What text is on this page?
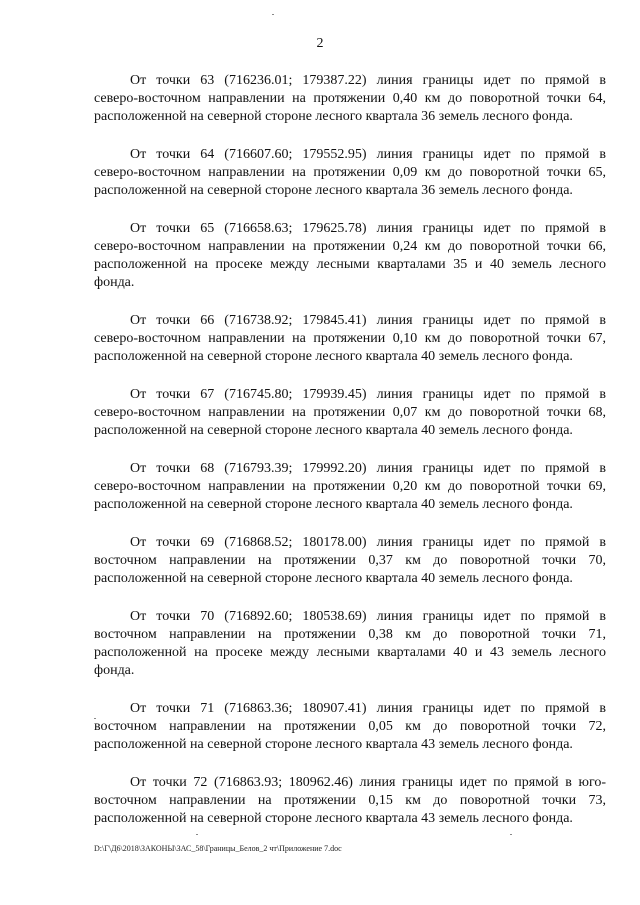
2
От точки 63 (716236.01; 179387.22) линия границы идет по прямой в
северо-восточном направлении на протяжении 0,40 км до поворотной точки 64,
расположенной на северной стороне лесного квартала 36 земель лесного фонда.
От точки 64 (716607.60; 179552.95) линия границы идет по прямой в
северо-восточном направлении на протяжении 0,09 км до поворотной точки 65,
расположенной на северной стороне лесного квартала 36 земель лесного фонда.
От точки 65 (716658.63; 179625.78) линия границы идет по прямой в
северо-восточном направлении на протяжении 0,24 км до поворотной точки 66,
расположенной на просеке между лесными кварталами 35 и 40 земель лесного
фонда.
От точки 66 (716738.92; 179845.41) линия границы идет по прямой в
северо-восточном направлении на протяжении 0,10 км до поворотной точки 67,
расположенной на северной стороне лесного квартала 40 земель лесного фонда.
От точки 67 (716745.80; 179939.45) линия границы идет по прямой в
северо-восточном направлении на протяжении 0,07 км до поворотной точки 68,
расположенной на северной стороне лесного квартала 40 земель лесного фонда.
От точки 68 (716793.39; 179992.20) линия границы идет по прямой в
северо-восточном направлении на протяжении 0,20 км до поворотной точки 69,
расположенной на северной стороне лесного квартала 40 земель лесного фонда.
От точки 69 (716868.52; 180178.00) линия границы идет по прямой в
восточном направлении на протяжении 0,37 км до поворотной точки 70,
расположенной на северной стороне лесного квартала 40 земель лесного фонда.
От точки 70 (716892.60; 180538.69) линия границы идет по прямой в
восточном направлении на протяжении 0,38 км до поворотной точки 71,
расположенной на просеке между лесными кварталами 40 и 43 земель лесного
фонда.
От точки 71 (716863.36; 180907.41) линия границы идет по прямой в
восточном направлении на протяжении 0,05 км до поворотной точки 72,
расположенной на северной стороне лесного квартала 43 земель лесного фонда.
От точки 72 (716863.93; 180962.46) линия границы идет по прямой в юго-
восточном направлении на протяжении 0,15 км до поворотной точки 73,
расположенной на северной стороне лесного квартала 43 земель лесного фонда.
D:\Г\Д6\2018\ЗАКОНЫ\ЗАС_58\Границы_Белов_2 чт\Приложение 7.doc
